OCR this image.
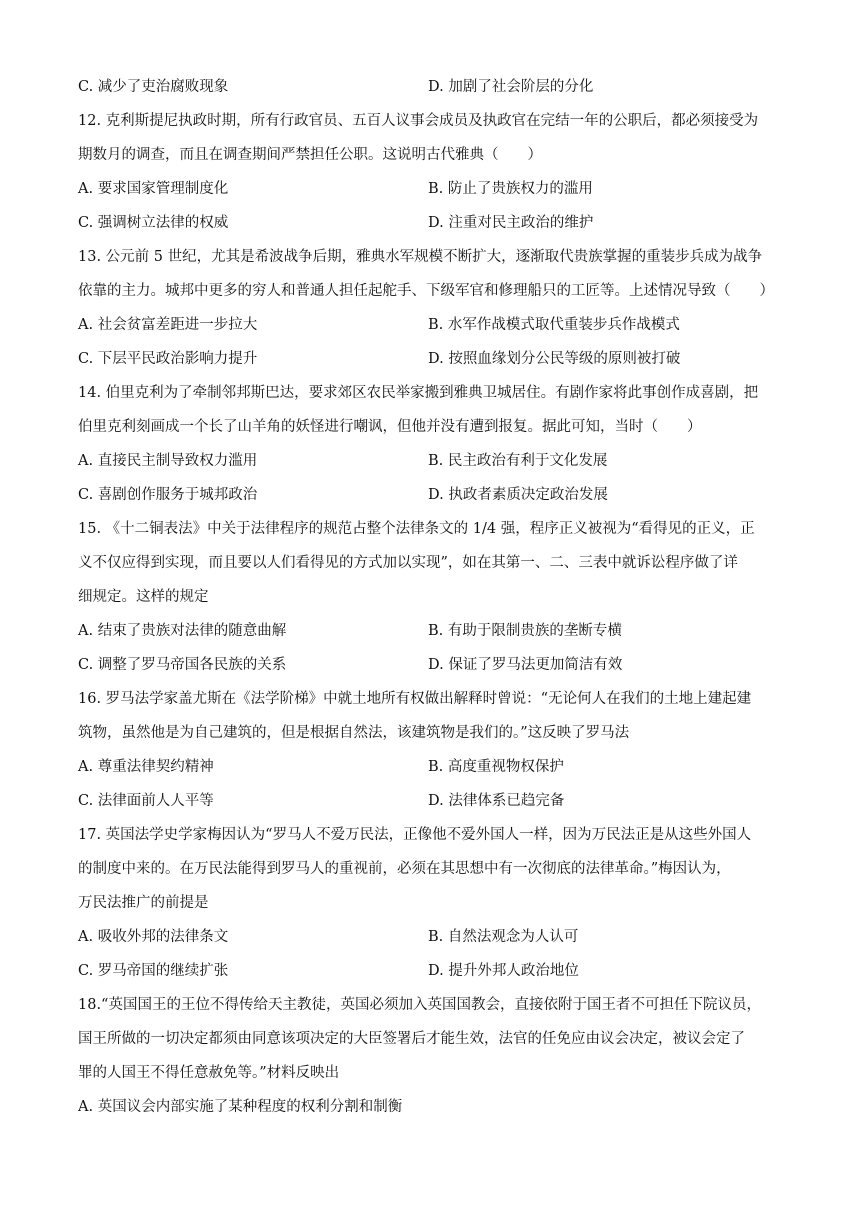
C. 减少了吏治腐败现象	D. 加剧了社会阶层的分化
12. 克利斯提尼执政时期，所有行政官员、五百人议事会成员及执政官在完结一年的公职后，都必须接受为
期数月的调查，而且在调查期间严禁担任公职。这说明古代雅典（　　）
A. 要求国家管理制度化	B. 防止了贵族权力的滥用
C. 强调树立法律的权威	D. 注重对民主政治的维护
13. 公元前 5 世纪，尤其是希波战争后期，雅典水军规模不断扩大，逐渐取代贵族掌握的重装步兵成为战争
依靠的主力。城邦中更多的穷人和普通人担任起舵手、下级军官和修理船只的工匠等。上述情况导致（　　）
A. 社会贫富差距进一步拉大	B. 水军作战模式取代重装步兵作战模式
C. 下层平民政治影响力提升	D. 按照血缘划分公民等级的原则被打破
14. 伯里克利为了牵制邻邦斯巴达，要求郊区农民举家搬到雅典卫城居住。有剧作家将此事创作成喜剧，把
伯里克利刻画成一个长了山羊角的妖怪进行嘲讽，但他并没有遭到报复。据此可知，当时（　　）
A. 直接民主制导致权力滥用	B. 民主政治有利于文化发展
C. 喜剧创作服务于城邦政治	D. 执政者素质决定政治发展
15. 《十二铜表法》中关于法律程序的规范占整个法律条文的 1/4 强，程序正义被视为“看得见的正义，正
义不仅应得到实现，而且要以人们看得见的方式加以实现”，如在其第一、二、三表中就诉讼程序做了详
细规定。这样的规定
A. 结束了贵族对法律的随意曲解	B. 有助于限制贵族的垄断专横
C. 调整了罗马帝国各民族的关系	D. 保证了罗马法更加简洁有效
16. 罗马法学家盖尤斯在《法学阶梯》中就土地所有权做出解释时曾说：“无论何人在我们的土地上建起建
筑物，虽然他是为自己建筑的，但是根据自然法，该建筑物是我们的。”这反映了罗马法
A. 尊重法律契约精神	B. 高度重视物权保护
C. 法律面前人人平等	D. 法律体系已趋完备
17. 英国法学史学家梅因认为“罗马人不爱万民法，正像他不爱外国人一样，因为万民法正是从这些外国人
的制度中来的。在万民法能得到罗马人的重视前，必须在其思想中有一次彻底的法律革命。”梅因认为，
万民法推广的前提是
A. 吸收外邦的法律条文	B. 自然法观念为人认可
C. 罗马帝国的继续扩张	D. 提升外邦人政治地位
18.“英国国王的王位不得传给天主教徒，英国必须加入英国国教会，直接依附于国王者不可担任下院议员，
国王所做的一切决定都须由同意该项决定的大臣签署后才能生效，法官的任免应由议会决定，被议会定了
罪的人国王不得任意赦免等。”材料反映出
A. 英国议会内部实施了某种程度的权利分割和制衡
